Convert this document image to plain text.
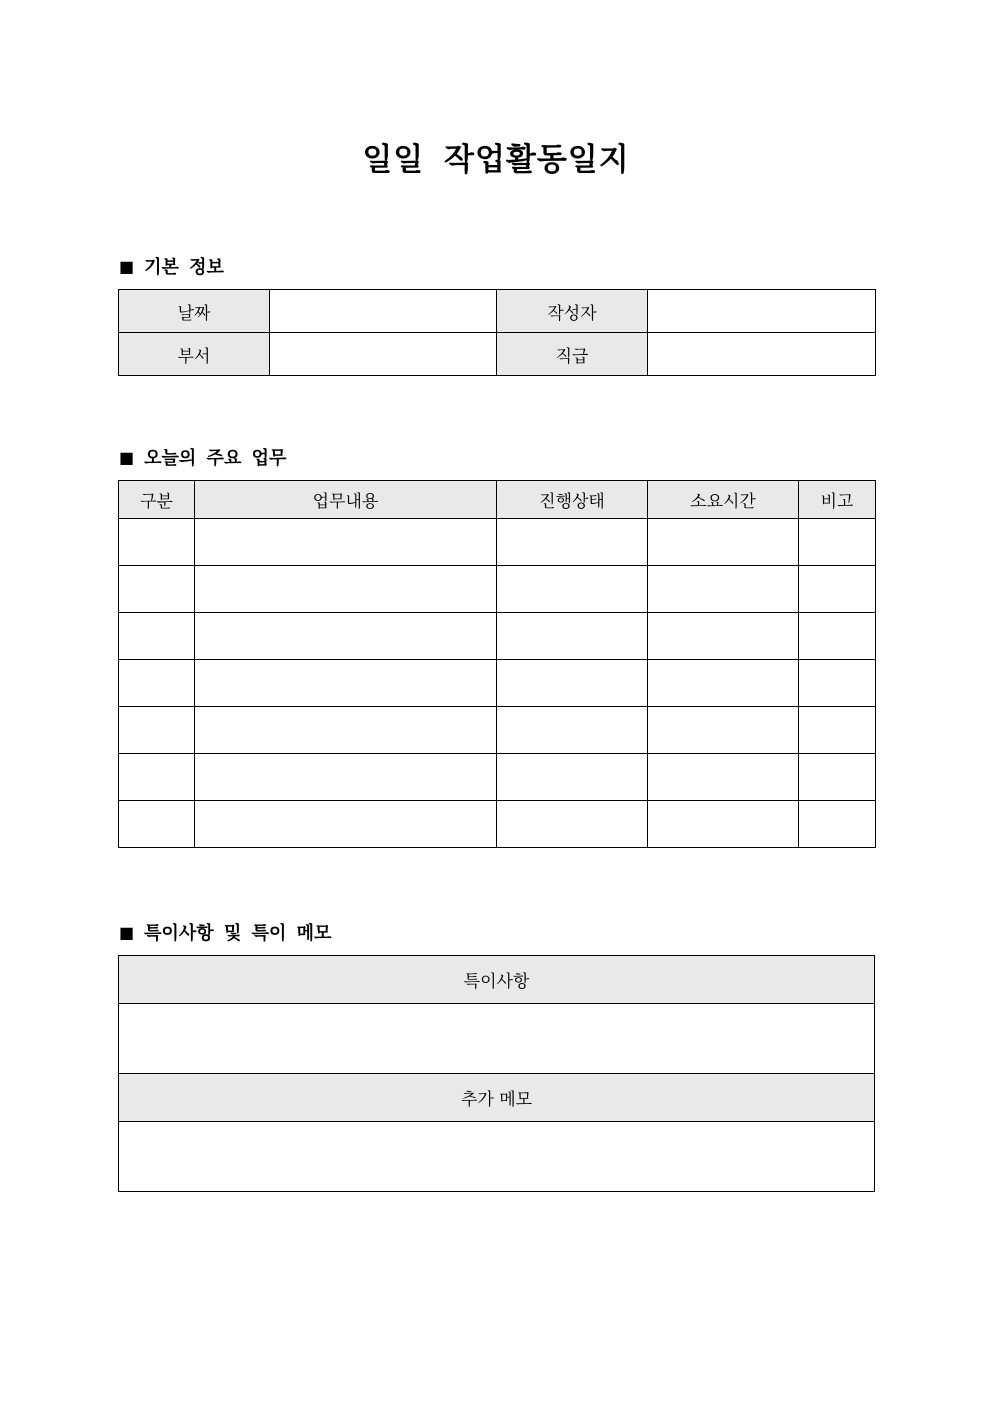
일일 작업활동일지
■ 기본 정보
날짜		작성자	
부서		직급	
■ 오늘의 주요 업무
구분	업무내용	진행상태	소요시간	비고

■ 특이사항 및 특이 메모
특이사항

추가 메모
